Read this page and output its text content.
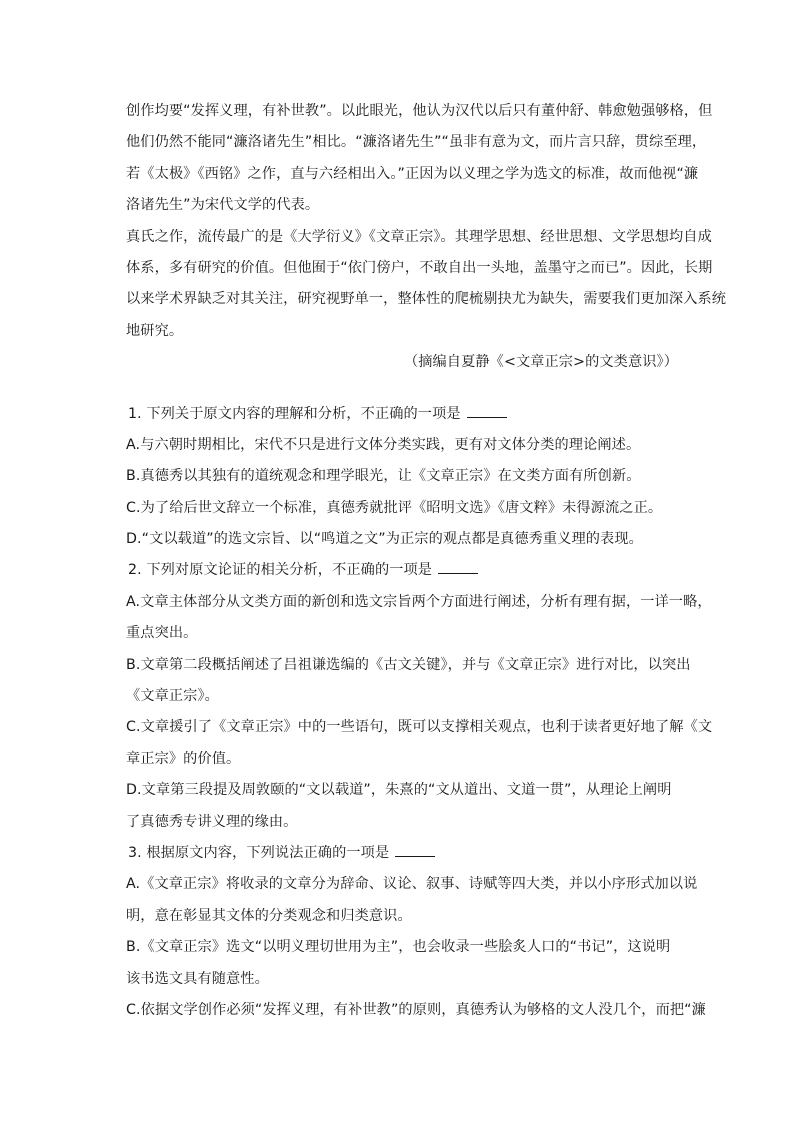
创作均要“发挥义理，有补世教”。以此眼光，他认为汉代以后只有董仲舒、韩愈勉强够格，但
他们仍然不能同“濂洛诸先生”相比。“濂洛诸先生”“虽非有意为文，而片言只辞，贯综至理，
若《太极》《西铭》之作，直与六经相出入。”正因为以义理之学为选文的标准，故而他视“濂
洛诸先生”为宋代文学的代表。
真氏之作，流传最广的是《大学衍义》《文章正宗》。其理学思想、经世思想、文学思想均自成
体系，多有研究的价值。但他囿于“依门傍户，不敢自出一头地，盖墨守之而已”。因此，长期
以来学术界缺乏对其关注，研究视野单一，整体性的爬梳剔抉尤为缺失，需要我们更加深入系统
地研究。
（摘编自夏静《<文章正宗>的文类意识》）
1. 下列关于原文内容的理解和分析，不正确的一项是
A.与六朝时期相比，宋代不只是进行文体分类实践，更有对文体分类的理论阐述。
B.真德秀以其独有的道统观念和理学眼光，让《文章正宗》在文类方面有所创新。
C.为了给后世文辞立一个标准，真德秀就批评《昭明文选》《唐文粹》未得源流之正。
D.“文以载道”的选文宗旨、以“鸣道之文”为正宗的观点都是真德秀重义理的表现。
2. 下列对原文论证的相关分析，不正确的一项是
A.文章主体部分从文类方面的新创和选文宗旨两个方面进行阐述，分析有理有据，一详一略，
重点突出。
B.文章第二段概括阐述了吕祖谦选编的《古文关键》，并与《文章正宗》进行对比，以突出
《文章正宗》。
C.文章援引了《文章正宗》中的一些语句，既可以支撑相关观点，也利于读者更好地了解《文
章正宗》的价值。
D.文章第三段提及周敦颐的“文以载道”，朱熹的“文从道出、文道一贯”，从理论上阐明
了真德秀专讲义理的缘由。
3. 根据原文内容，下列说法正确的一项是
A.《文章正宗》将收录的文章分为辞命、议论、叙事、诗赋等四大类，并以小序形式加以说
明，意在彰显其文体的分类观念和归类意识。
B.《文章正宗》选文“以明义理切世用为主”，也会收录一些脍炙人口的“书记”，这说明
该书选文具有随意性。
C.依据文学创作必须“发挥义理，有补世教”的原则，真德秀认为够格的文人没几个，而把“濂
